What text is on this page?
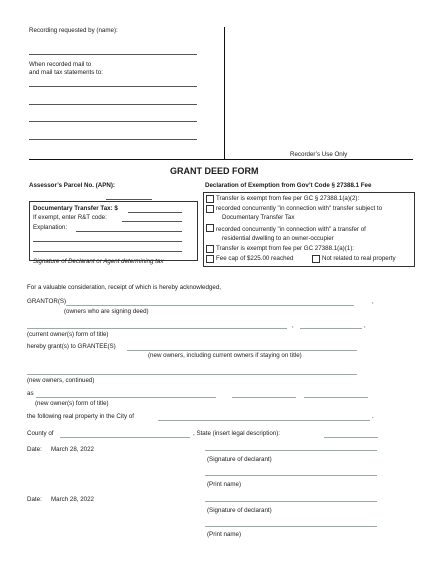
Recording requested by (name):
When recorded mail to
and mail tax statements to:
Recorder’s Use Only
GRANT DEED FORM
Assessor’s Parcel No. (APN):
Documentary Transfer Tax: $
If exempt, enter R&T code:
Explanation:
Signature of Declarant or Agent determining tax
Declaration of Exemption from Gov’t Code § 27388.1 Fee
Transfer is exempt from fee per GC § 27388.1(a)(2):
recorded concurrently "in connection with" transfer subject to
Documentary Transfer Tax
recorded concurrently "in connection with" a transfer of
residential dwelling to an owner-occupier
Transfer is exempt from fee per GC 27388.1(a)(1):
Fee cap of $225.00 reached	Not related to real property
For a valuable consideration, receipt of which is hereby acknowledged,
GRANTOR(S)	,
(owners who are signing deed)
,	,
(current owner(s) form of title)
hereby grant(s) to GRANTEE(S)
(new owners, including current owners if staying on title)
(new owners, continued)
as
(new owner(s) form of title)
the following real property in the City of	.
County of	, State (insert legal description):
Date: March 28, 2022
(Signature of declarant)
(Print name)
Date: March 28, 2022
(Signature of declarant)
(Print name)
